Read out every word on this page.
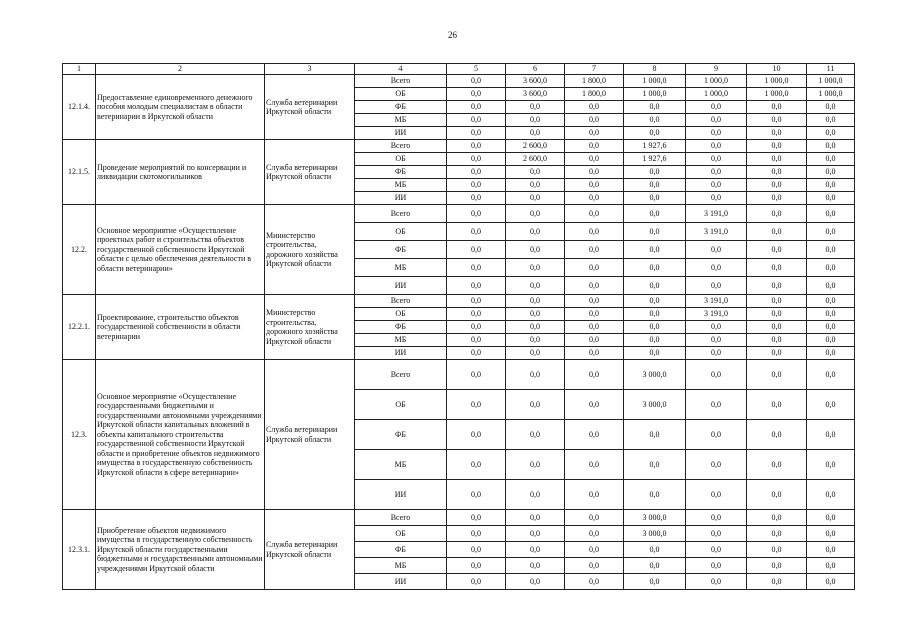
26
1	2	3	4	5	6	7	8	9	10	11
12.1.4.	Предоставление единовременного денежного пособия молодым специалистам в области ветеринарии в Иркутской области	Служба ветеринарии Иркутской области	Всего	0,0	3 600,0	1 800,0	1 000,0	1 000,0	1 000,0	1 000,0
			ОБ	0,0	3 600,0	1 800,0	1 000,0	1 000,0	1 000,0	1 000,0
			ФБ	0,0	0,0	0,0	0,0	0,0	0,0	0,0
			МБ	0,0	0,0	0,0	0,0	0,0	0,0	0,0
			ИИ	0,0	0,0	0,0	0,0	0,0	0,0	0,0
12.1.5.	Проведение мероприятий по консервации и ликвидации скотомогильников	Служба ветеринарии Иркутской области	Всего	0,0	2 600,0	0,0	1 927,6	0,0	0,0	0,0
			ОБ	0,0	2 600,0	0,0	1 927,6	0,0	0,0	0,0
			ФБ	0,0	0,0	0,0	0,0	0,0	0,0	0,0
			МБ	0,0	0,0	0,0	0,0	0,0	0,0	0,0
			ИИ	0,0	0,0	0,0	0,0	0,0	0,0	0,0
12.2.	Основное мероприятие «Осуществление проектных работ и строительства объектов государственной собственности Иркутской области с целью обеспечения деятельности в области ветеринарии»	Министерство строительства, дорожного хозяйства Иркутской области	Всего	0,0	0,0	0,0	0,0	3 191,0	0,0	0,0
			ОБ	0,0	0,0	0,0	0,0	3 191,0	0,0	0,0
			ФБ	0,0	0,0	0,0	0,0	0,0	0,0	0,0
			МБ	0,0	0,0	0,0	0,0	0,0	0,0	0,0
			ИИ	0,0	0,0	0,0	0,0	0,0	0,0	0,0
12.2.1.	Проектирование, строительство объектов государственной собственности в области ветеринарии	Министерство строительства, дорожного хозяйства Иркутской области	Всего	0,0	0,0	0,0	0,0	3 191,0	0,0	0,0
			ОБ	0,0	0,0	0,0	0,0	3 191,0	0,0	0,0
			ФБ	0,0	0,0	0,0	0,0	0,0	0,0	0,0
			МБ	0,0	0,0	0,0	0,0	0,0	0,0	0,0
			ИИ	0,0	0,0	0,0	0,0	0,0	0,0	0,0
12.3.	Основное мероприятие «Осуществление государственными бюджетными и государственными автономными учреждениями Иркутской области капитальных вложений в объекты капитального строительства государственной собственности Иркутской области и приобретение объектов недвижимого имущества в государственную собственность Иркутской области в сфере ветеринарии»	Служба ветеринарии Иркутской области	Всего	0,0	0,0	0,0	3 000,0	0,0	0,0	0,0
			ОБ	0,0	0,0	0,0	3 000,0	0,0	0,0	0,0
			ФБ	0,0	0,0	0,0	0,0	0,0	0,0	0,0
			МБ	0,0	0,0	0,0	0,0	0,0	0,0	0,0
			ИИ	0,0	0,0	0,0	0,0	0,0	0,0	0,0
12.3.1.	Приобретение объектов недвижимого имущества в государственную собственность Иркутской области государственными бюджетными и государственными автономными учреждениями Иркутской области	Служба ветеринарии Иркутской области	Всего	0,0	0,0	0,0	3 000,0	0,0	0,0	0,0
			ОБ	0,0	0,0	0,0	3 000,0	0,0	0,0	0,0
			ФБ	0,0	0,0	0,0	0,0	0,0	0,0	0,0
			МБ	0,0	0,0	0,0	0,0	0,0	0,0	0,0
			ИИ	0,0	0,0	0,0	0,0	0,0	0,0	0,0
